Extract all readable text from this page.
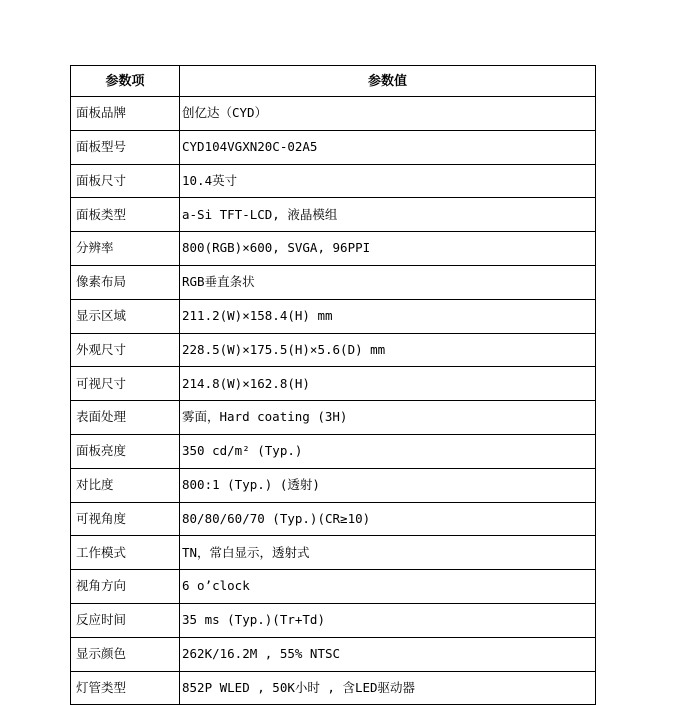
参数项	参数值
面板品牌	创亿达（CYD）
面板型号	CYD104VGXN20C-02A5
面板尺寸	10.4英寸
面板类型	a-Si TFT-LCD, 液晶模组
分辨率	800(RGB)×600, SVGA, 96PPI
像素布局	RGB垂直条状
显示区域	211.2(W)×158.4(H) mm
外观尺寸	228.5(W)×175.5(H)×5.6(D) mm
可视尺寸	214.8(W)×162.8(H)
表面处理	雾面，Hard coating (3H)
面板亮度	350 cd/m² (Typ.)
对比度	800:1 (Typ.) (透射)
可视角度	80/80/60/70 (Typ.)(CR≥10)
工作模式	TN，常白显示，透射式
视角方向	6 o’clock
反应时间	35 ms (Typ.)(Tr+Td)
显示颜色	262K/16.2M , 55% NTSC
灯管类型	852P WLED , 50K小时 , 含LED驱动器
